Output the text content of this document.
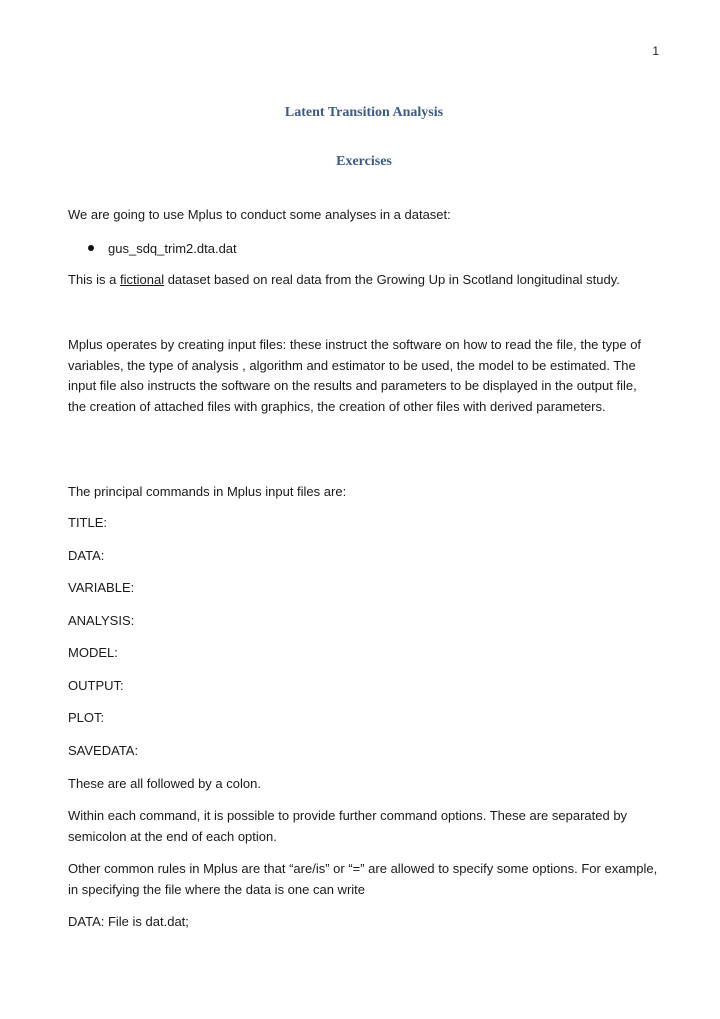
1
Latent Transition Analysis
Exercises
We are going to use Mplus to conduct some analyses in a dataset:
gus_sdq_trim2.dta.dat
This is a fictional dataset based on real data from the Growing Up in Scotland longitudinal study.
Mplus operates by creating input files: these instruct the software on how to read the file, the type of variables, the type of analysis , algorithm and estimator to be used, the model to be estimated. The input file also instructs the software on the results and parameters to be displayed in the output file, the creation of attached files with graphics, the creation of other files with derived parameters.
The principal commands in Mplus input files are:
TITLE:
DATA:
VARIABLE:
ANALYSIS:
MODEL:
OUTPUT:
PLOT:
SAVEDATA:
These are all followed by a colon.
Within each command, it is possible to provide further command options. These are separated by semicolon at the end of each option.
Other common rules in Mplus are that “are/is” or “=” are allowed to specify some options. For example, in specifying the file where the data is one can write
DATA: File is dat.dat;
